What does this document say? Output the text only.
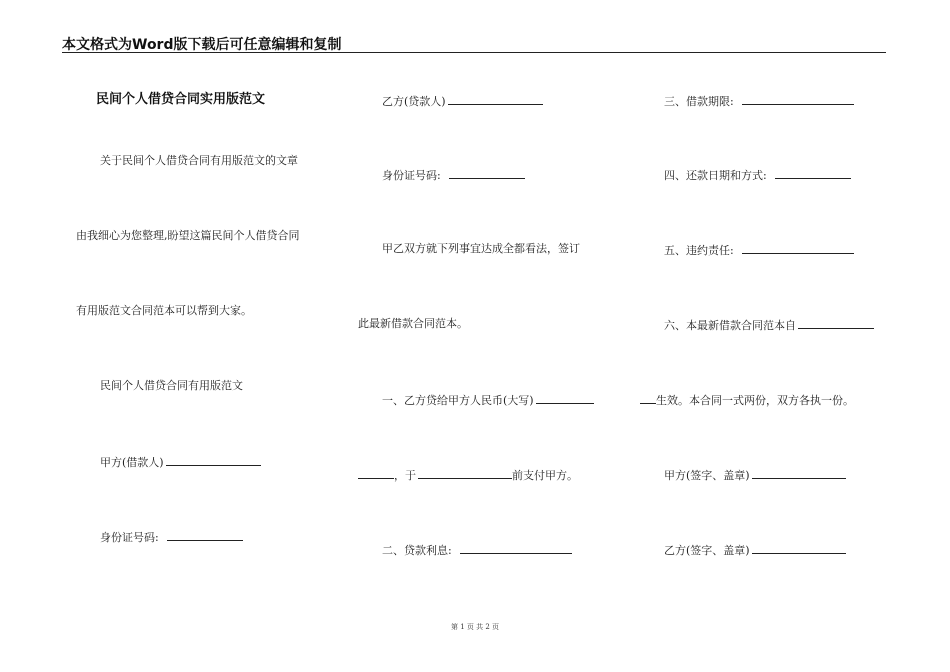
本文格式为Word版下载后可任意编辑和复制
民间个人借贷合同实用版范文
关于民间个人借贷合同有用版范文的文章
由我细心为您整理,盼望这篇民间个人借贷合同
有用版范文合同范本可以帮到大家。
民间个人借贷合同有用版范文
甲方(借款人)
身份证号码:
乙方(贷款人)
身份证号码:
甲乙双方就下列事宜达成全都看法，签订
此最新借款合同范本。
一、乙方贷给甲方人民币(大写)
，于	前支付甲方。
二、贷款利息:
三、借款期限:
四、还款日期和方式:
五、违约责任:
六、本最新借款合同范本自
生效。本合同一式两份，双方各执一份。
甲方(签字、盖章)
乙方(签字、盖章)
第 1 页 共 2 页
